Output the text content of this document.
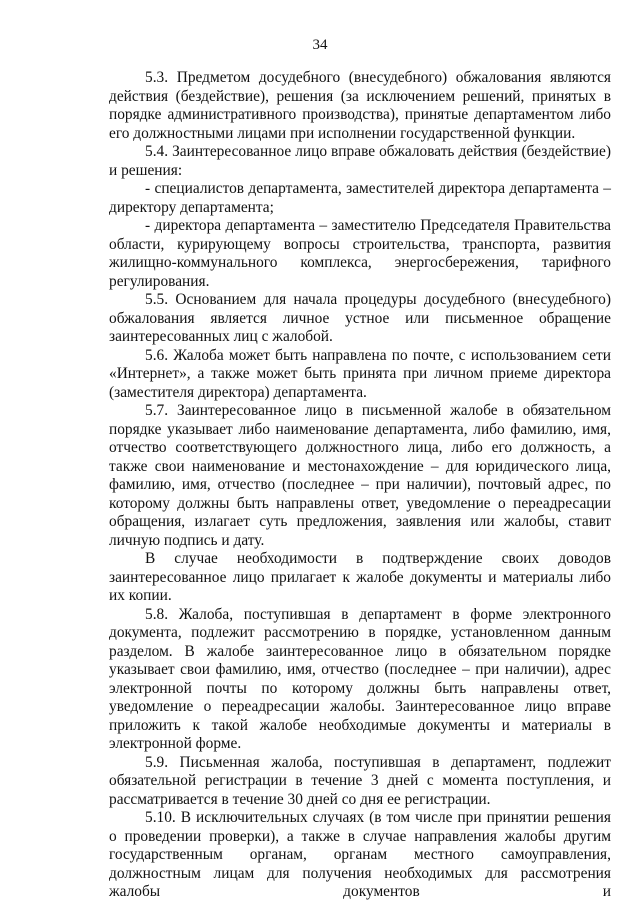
34

5.3. Предметом досудебного (внесудебного) обжалования являются действия (бездействие), решения (за исключением решений, принятых в порядке административного производства), принятые департаментом либо его должностными лицами при исполнении государственной функции.

5.4. Заинтересованное лицо вправе обжаловать действия (бездействие) и решения:

- специалистов департамента, заместителей директора департамента – директору департамента;

- директора департамента – заместителю Председателя Правительства области, курирующему вопросы строительства, транспорта, развития жилищно-коммунального комплекса, энергосбережения, тарифного регулирования.

5.5. Основанием для начала процедуры досудебного (внесудебного) обжалования является личное устное или письменное обращение заинтересованных лиц с жалобой.

5.6. Жалоба может быть направлена по почте, с использованием сети «Интернет», а также может быть принята при личном приеме директора (заместителя директора) департамента.

5.7. Заинтересованное лицо в письменной жалобе в обязательном порядке указывает либо наименование департамента, либо фамилию, имя, отчество соответствующего должностного лица, либо его должность, а также свои наименование и местонахождение – для юридического лица, фамилию, имя, отчество (последнее – при наличии), почтовый адрес, по которому должны быть направлены ответ, уведомление о переадресации обращения, излагает суть предложения, заявления или жалобы, ставит личную подпись и дату.

В случае необходимости в подтверждение своих доводов заинтересованное лицо прилагает к жалобе документы и материалы либо их копии.

5.8. Жалоба, поступившая в департамент в форме электронного документа, подлежит рассмотрению в порядке, установленном данным разделом. В жалобе заинтересованное лицо в обязательном порядке указывает свои фамилию, имя, отчество (последнее – при наличии), адрес электронной почты по которому должны быть направлены ответ, уведомление о переадресации жалобы. Заинтересованное лицо вправе приложить к такой жалобе необходимые документы и материалы в электронной форме.

5.9. Письменная жалоба, поступившая в департамент, подлежит обязательной регистрации в течение 3 дней с момента поступления, и рассматривается в течение 30 дней со дня ее регистрации.

5.10. В исключительных случаях (в том числе при принятии решения о проведении проверки), а также в случае направления жалобы другим государственным органам, органам местного самоуправления, должностным лицам для получения необходимых для рассмотрения жалобы документов и
